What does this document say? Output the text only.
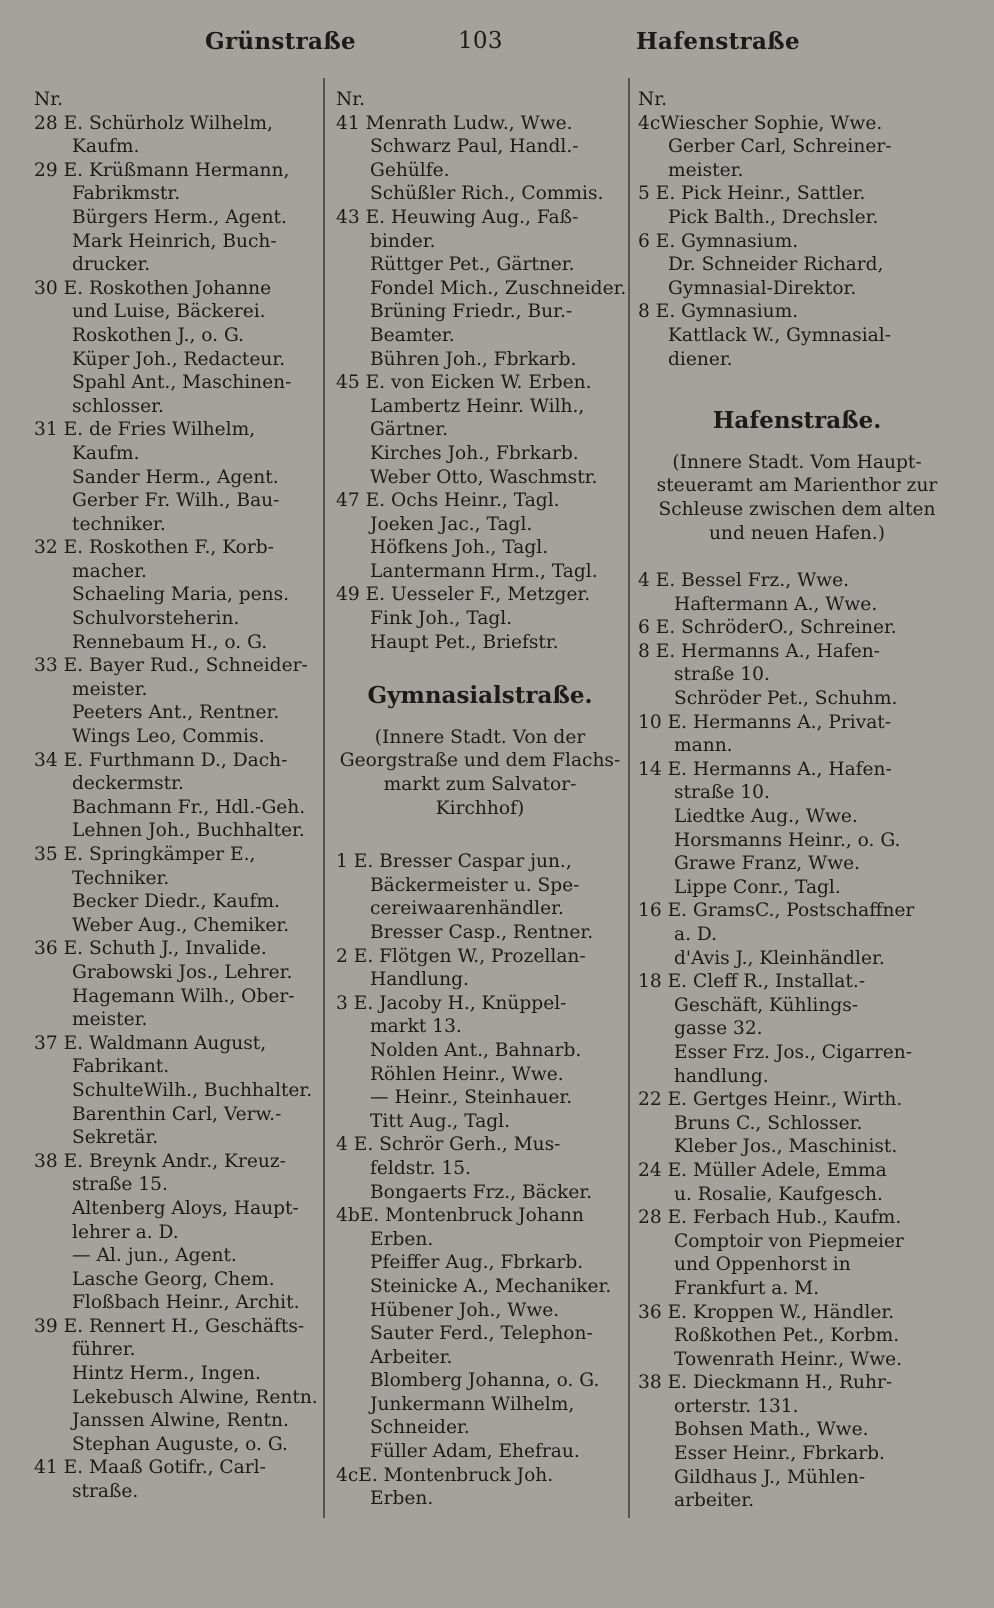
Grünstraße	103	Hafenstraße
Nr.
28 E. Schürholz Wilhelm,
Kaufm.
29 E. Krüßmann Hermann,
Fabrikmstr.
Bürgers Herm., Agent.
Mark Heinrich, Buch-
drucker.
30 E. Roskothen Johanne
und Luise, Bäckerei.
Roskothen J., o. G.
Küper Joh., Redacteur.
Spahl Ant., Maschinen-
schlosser.
31 E. de Fries Wilhelm,
Kaufm.
Sander Herm., Agent.
Gerber Fr. Wilh., Bau-
techniker.
32 E. Roskothen F., Korb-
macher.
Schaeling Maria, pens.
Schulvorsteherin.
Rennebaum H., o. G.
33 E. Bayer Rud., Schneider-
meister.
Peeters Ant., Rentner.
Wings Leo, Commis.
34 E. Furthmann D., Dach-
deckermstr.
Bachmann Fr., Hdl.-Geh.
Lehnen Joh., Buchhalter.
35 E. Springkämper E.,
Techniker.
Becker Diedr., Kaufm.
Weber Aug., Chemiker.
36 E. Schuth J., Invalide.
Grabowski Jos., Lehrer.
Hagemann Wilh., Ober-
meister.
37 E. Waldmann August,
Fabrikant.
SchulteWilh., Buchhalter.
Barenthin Carl, Verw.-
Sekretär.
38 E. Breynk Andr., Kreuz-
straße 15.
Altenberg Aloys, Haupt-
lehrer a. D.
— Al. jun., Agent.
Lasche Georg, Chem.
Floßbach Heinr., Archit.
39 E. Rennert H., Geschäfts-
führer.
Hintz Herm., Ingen.
Lekebusch Alwine, Rentn.
Janssen Alwine, Rentn.
Stephan Auguste, o. G.
41 E. Maaß Gotifr., Carl-
straße.
Nr.
41 Menrath Ludw., Wwe.
Schwarz Paul, Handl.-
Gehülfe.
Schüßler Rich., Commis.
43 E. Heuwing Aug., Faß-
binder.
Rüttger Pet., Gärtner.
Fondel Mich., Zuschneider.
Brüning Friedr., Bur.-
Beamter.
Bühren Joh., Fbrkarb.
45 E. von Eicken W. Erben.
Lambertz Heinr. Wilh.,
Gärtner.
Kirches Joh., Fbrkarb.
Weber Otto, Waschmstr.
47 E. Ochs Heinr., Tagl.
Joeken Jac., Tagl.
Höfkens Joh., Tagl.
Lantermann Hrm., Tagl.
49 E. Uesseler F., Metzger.
Fink Joh., Tagl.
Haupt Pet., Briefstr.
Gymnasialstraße.
(Innere Stadt. Von der
Georgstraße und dem Flachs-
markt zum Salvator-
Kirchhof)
1 E. Bresser Caspar jun.,
Bäckermeister u. Spe-
cereiwaarenhändler.
Bresser Casp., Rentner.
2 E. Flötgen W., Prozellan-
Handlung.
3 E. Jacoby H., Knüppel-
markt 13.
Nolden Ant., Bahnarb.
Röhlen Heinr., Wwe.
— Heinr., Steinhauer.
Titt Aug., Tagl.
4 E. Schrör Gerh., Mus-
feldstr. 15.
Bongaerts Frz., Bäcker.
4bE. Montenbruck Johann
Erben.
Pfeiffer Aug., Fbrkarb.
Steinicke A., Mechaniker.
Hübener Joh., Wwe.
Sauter Ferd., Telephon-
Arbeiter.
Blomberg Johanna, o. G.
Junkermann Wilhelm,
Schneider.
Füller Adam, Ehefrau.
4cE. Montenbruck Joh.
Erben.
Nr.
4cWiescher Sophie, Wwe.
Gerber Carl, Schreiner-
meister.
5 E. Pick Heinr., Sattler.
Pick Balth., Drechsler.
6 E. Gymnasium.
Dr. Schneider Richard,
Gymnasial-Direktor.
8 E. Gymnasium.
Kattlack W., Gymnasial-
diener.
Hafenstraße.
(Innere Stadt. Vom Haupt-
steueramt am Marienthor zur
Schleuse zwischen dem alten
und neuen Hafen.)
4 E. Bessel Frz., Wwe.
Haftermann A., Wwe.
6 E. SchröderO., Schreiner.
8 E. Hermanns A., Hafen-
straße 10.
Schröder Pet., Schuhm.
10 E. Hermanns A., Privat-
mann.
14 E. Hermanns A., Hafen-
straße 10.
Liedtke Aug., Wwe.
Horsmanns Heinr., o. G.
Grawe Franz, Wwe.
Lippe Conr., Tagl.
16 E. GramsC., Postschaffner
a. D.
d'Avis J., Kleinhändler.
18 E. Cleff R., Installat.-
Geschäft, Kühlings-
gasse 32.
Esser Frz. Jos., Cigarren-
handlung.
22 E. Gertges Heinr., Wirth.
Bruns C., Schlosser.
Kleber Jos., Maschinist.
24 E. Müller Adele, Emma
u. Rosalie, Kaufgesch.
28 E. Ferbach Hub., Kaufm.
Comptoir von Piepmeier
und Oppenhorst in
Frankfurt a. M.
36 E. Kroppen W., Händler.
Roßkothen Pet., Korbm.
Towenrath Heinr., Wwe.
38 E. Dieckmann H., Ruhr-
orterstr. 131.
Bohsen Math., Wwe.
Esser Heinr., Fbrkarb.
Gildhaus J., Mühlen-
arbeiter.
